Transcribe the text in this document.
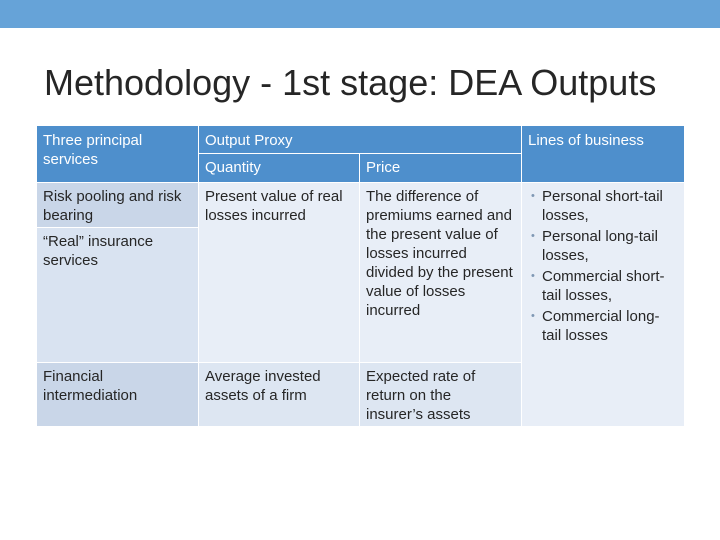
Methodology - 1st stage: DEA Outputs
Three principal services
Output Proxy
Quantity	Price
Lines of business
Risk pooling and risk bearing
“Real” insurance services
Present value of real losses incurred
The difference of premiums earned and the present value of losses incurred divided by the present value of losses incurred
• Personal short-tail losses,
• Personal long-tail losses,
• Commercial short-tail losses,
• Commercial long-tail losses
Financial intermediation
Average invested assets of a firm
Expected rate of return on the insurer’s assets
